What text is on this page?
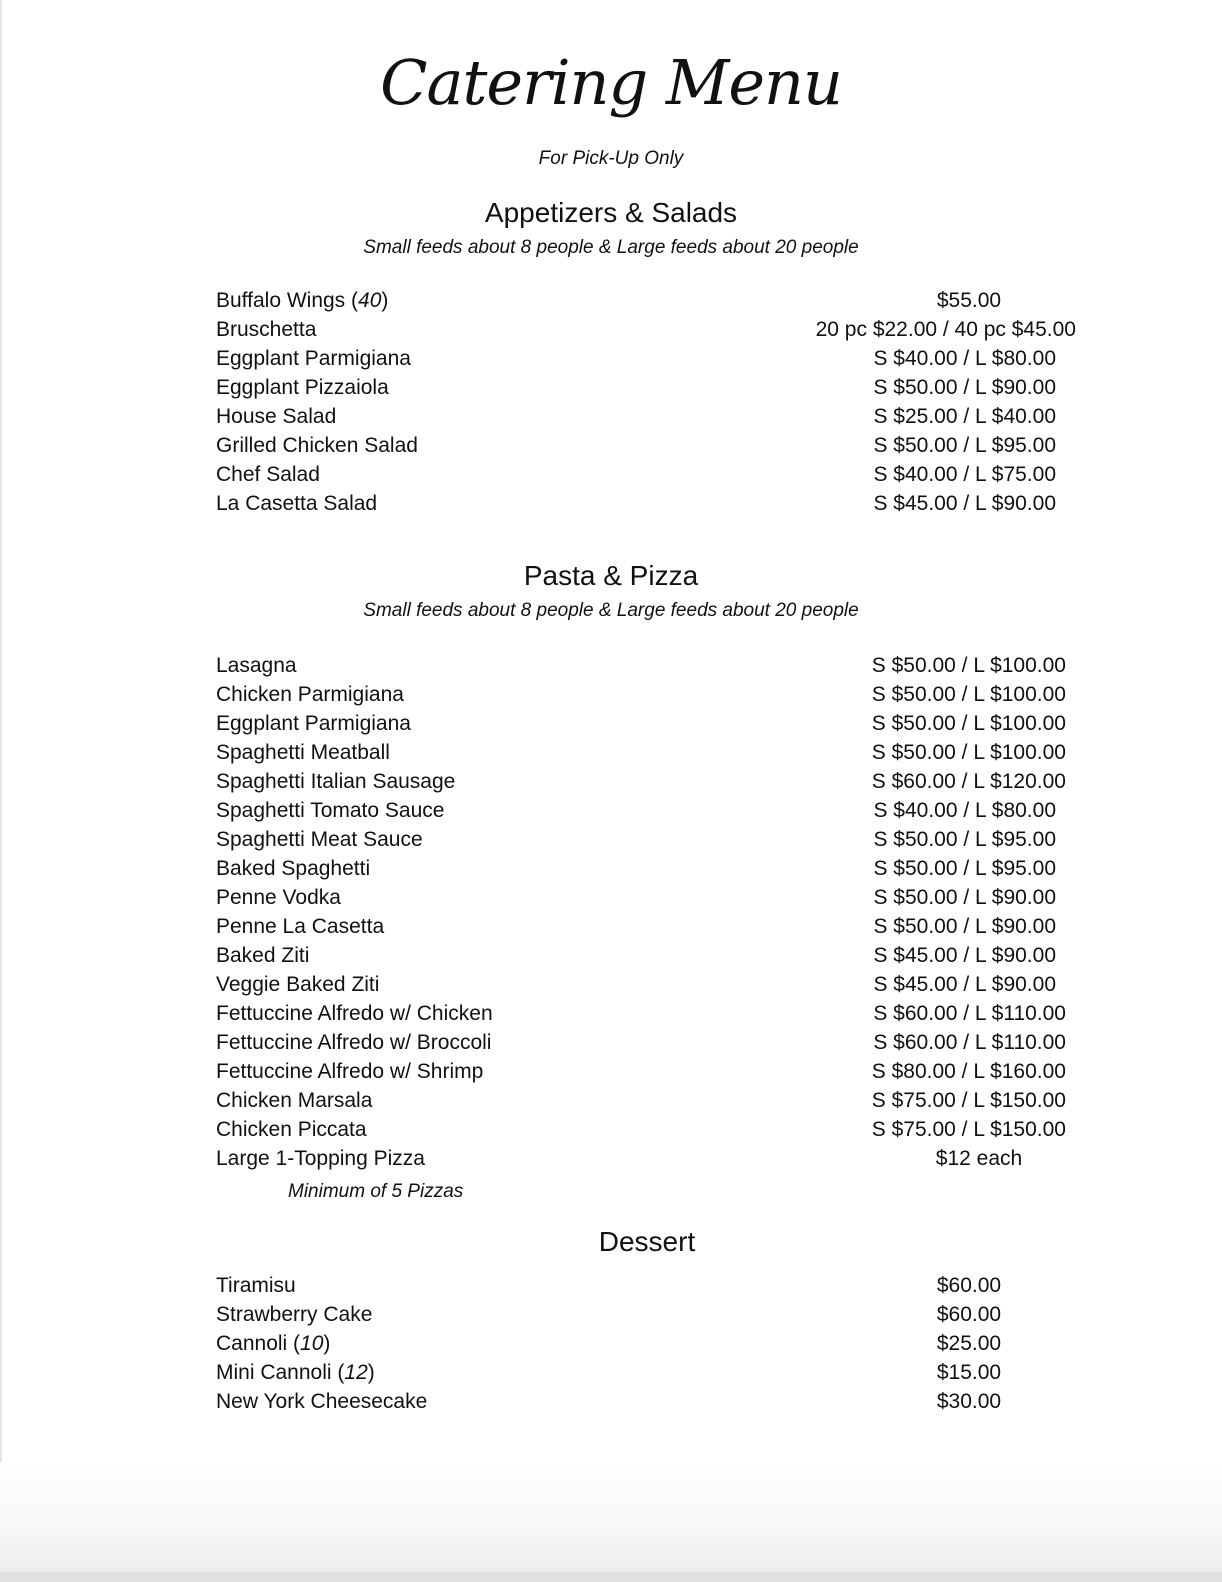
Catering Menu
For Pick-Up Only
Appetizers & Salads
Small feeds about 8 people & Large feeds about 20 people
Buffalo Wings (40)	$55.00
Bruschetta	20 pc $22.00 / 40 pc $45.00
Eggplant Parmigiana	S $40.00 / L $80.00
Eggplant Pizzaiola	S $50.00 / L $90.00
House Salad	S $25.00 / L $40.00
Grilled Chicken Salad	S $50.00 / L $95.00
Chef Salad	S $40.00 / L $75.00
La Casetta Salad	S $45.00 / L $90.00
Pasta & Pizza
Small feeds about 8 people & Large feeds about 20 people
Lasagna	S $50.00 / L $100.00
Chicken Parmigiana	S $50.00 / L $100.00
Eggplant Parmigiana	S $50.00 / L $100.00
Spaghetti Meatball	S $50.00 / L $100.00
Spaghetti Italian Sausage	S $60.00 / L $120.00
Spaghetti Tomato Sauce	S $40.00 / L $80.00
Spaghetti Meat Sauce	S $50.00 / L $95.00
Baked Spaghetti	S $50.00 / L $95.00
Penne Vodka	S $50.00 / L $90.00
Penne La Casetta	S $50.00 / L $90.00
Baked Ziti	S $45.00 / L $90.00
Veggie Baked Ziti	S $45.00 / L $90.00
Fettuccine Alfredo w/ Chicken	S $60.00 / L $110.00
Fettuccine Alfredo w/ Broccoli	S $60.00 / L $110.00
Fettuccine Alfredo w/ Shrimp	S $80.00 / L $160.00
Chicken Marsala	S $75.00 / L $150.00
Chicken Piccata	S $75.00 / L $150.00
Large 1-Topping Pizza	$12 each
Minimum of 5 Pizzas
Dessert
Tiramisu	$60.00
Strawberry Cake	$60.00
Cannoli (10)	$25.00
Mini Cannoli (12)	$15.00
New York Cheesecake	$30.00
